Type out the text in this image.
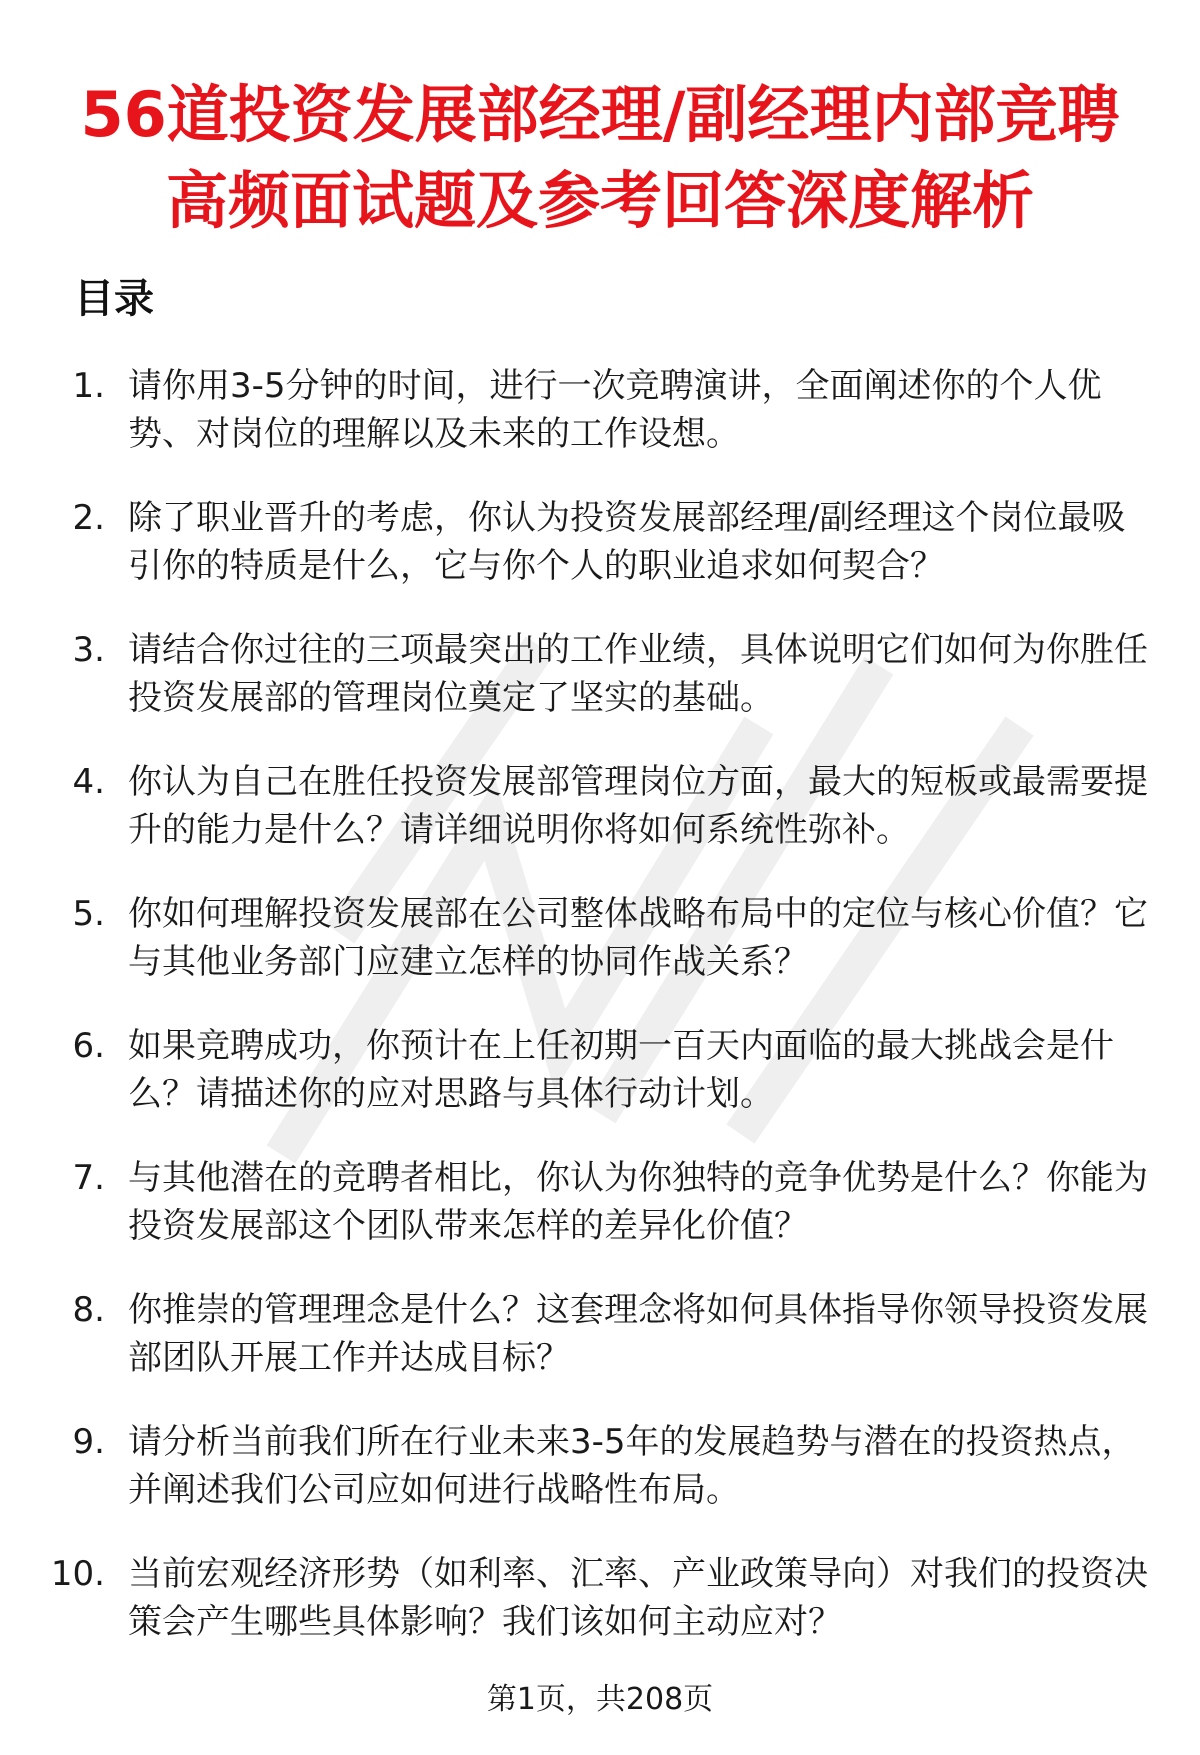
56道投资发展部经理/副经理内部竞聘高频面试题及参考回答深度解析
目录
1. 请你用3-5分钟的时间，进行一次竞聘演讲，全面阐述你的个人优势、对岗位的理解以及未来的工作设想。
2. 除了职业晋升的考虑，你认为投资发展部经理/副经理这个岗位最吸引你的特质是什么，它与你个人的职业追求如何契合？
3. 请结合你过往的三项最突出的工作业绩，具体说明它们如何为你胜任投资发展部的管理岗位奠定了坚实的基础。
4. 你认为自己在胜任投资发展部管理岗位方面，最大的短板或最需要提升的能力是什么？请详细说明你将如何系统性弥补。
5. 你如何理解投资发展部在公司整体战略布局中的定位与核心价值？它与其他业务部门应建立怎样的协同作战关系？
6. 如果竞聘成功，你预计在上任初期一百天内面临的最大挑战会是什么？请描述你的应对思路与具体行动计划。
7. 与其他潜在的竞聘者相比，你认为你独特的竞争优势是什么？你能为投资发展部这个团队带来怎样的差异化价值？
8. 你推崇的管理理念是什么？这套理念将如何具体指导你领导投资发展部团队开展工作并达成目标？
9. 请分析当前我们所在行业未来3-5年的发展趋势与潜在的投资热点，并阐述我们公司应如何进行战略性布局。
10. 当前宏观经济形势（如利率、汇率、产业政策导向）对我们的投资决策会产生哪些具体影响？我们该如何主动应对？
第1页，共208页
